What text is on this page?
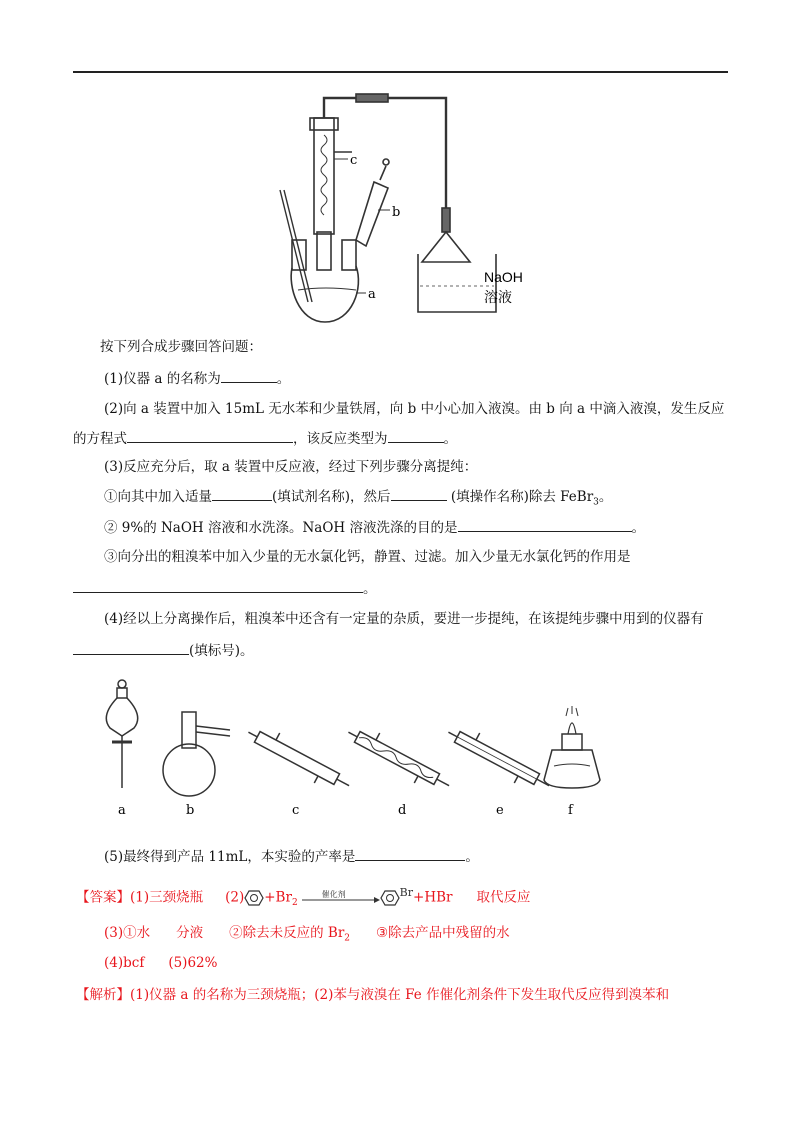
c
b
a
NaOH
溶液
按下列合成步骤回答问题：
(1)仪器 a 的名称为	。
(2)向 a 装置中加入 15mL 无水苯和少量铁屑，向 b 中小心加入液溴。由 b 向 a 中滴入液溴，发生反应
的方程式	，该反应类型为	。
(3)反应充分后，取 a 装置中反应液，经过下列步骤分离提纯：
①向其中加入适量	(填试剂名称)，然后	(填操作名称)除去 FeBr$_3$。
② 9%的 NaOH 溶液和水洗涤。NaOH 溶液洗涤的目的是	。
③向分出的粗溴苯中加入少量的无水氯化钙，静置、过滤。加入少量无水氯化钙的作用是
。
(4)经以上分离操作后，粗溴苯中还含有一定量的杂质，要进一步提纯，在该提纯步骤中用到的仪器有
(填标号)。
a	b	c	d	e	f
(5)最终得到产品 11mL，本实验的产率是	。
【答案】(1)三颈烧瓶 $(2) +Br_2$
催化剂	$^{Br}$+HBr 取代反应
(3)①水 分液 ②除去未反应的 $Br_2$ ③除去产品中残留的水
(4)bcf (5)62%
【解析】(1)仪器 a 的名称为三颈烧瓶；(2)苯与液溴在 Fe 作催化剂条件下发生取代反应得到溴苯和
